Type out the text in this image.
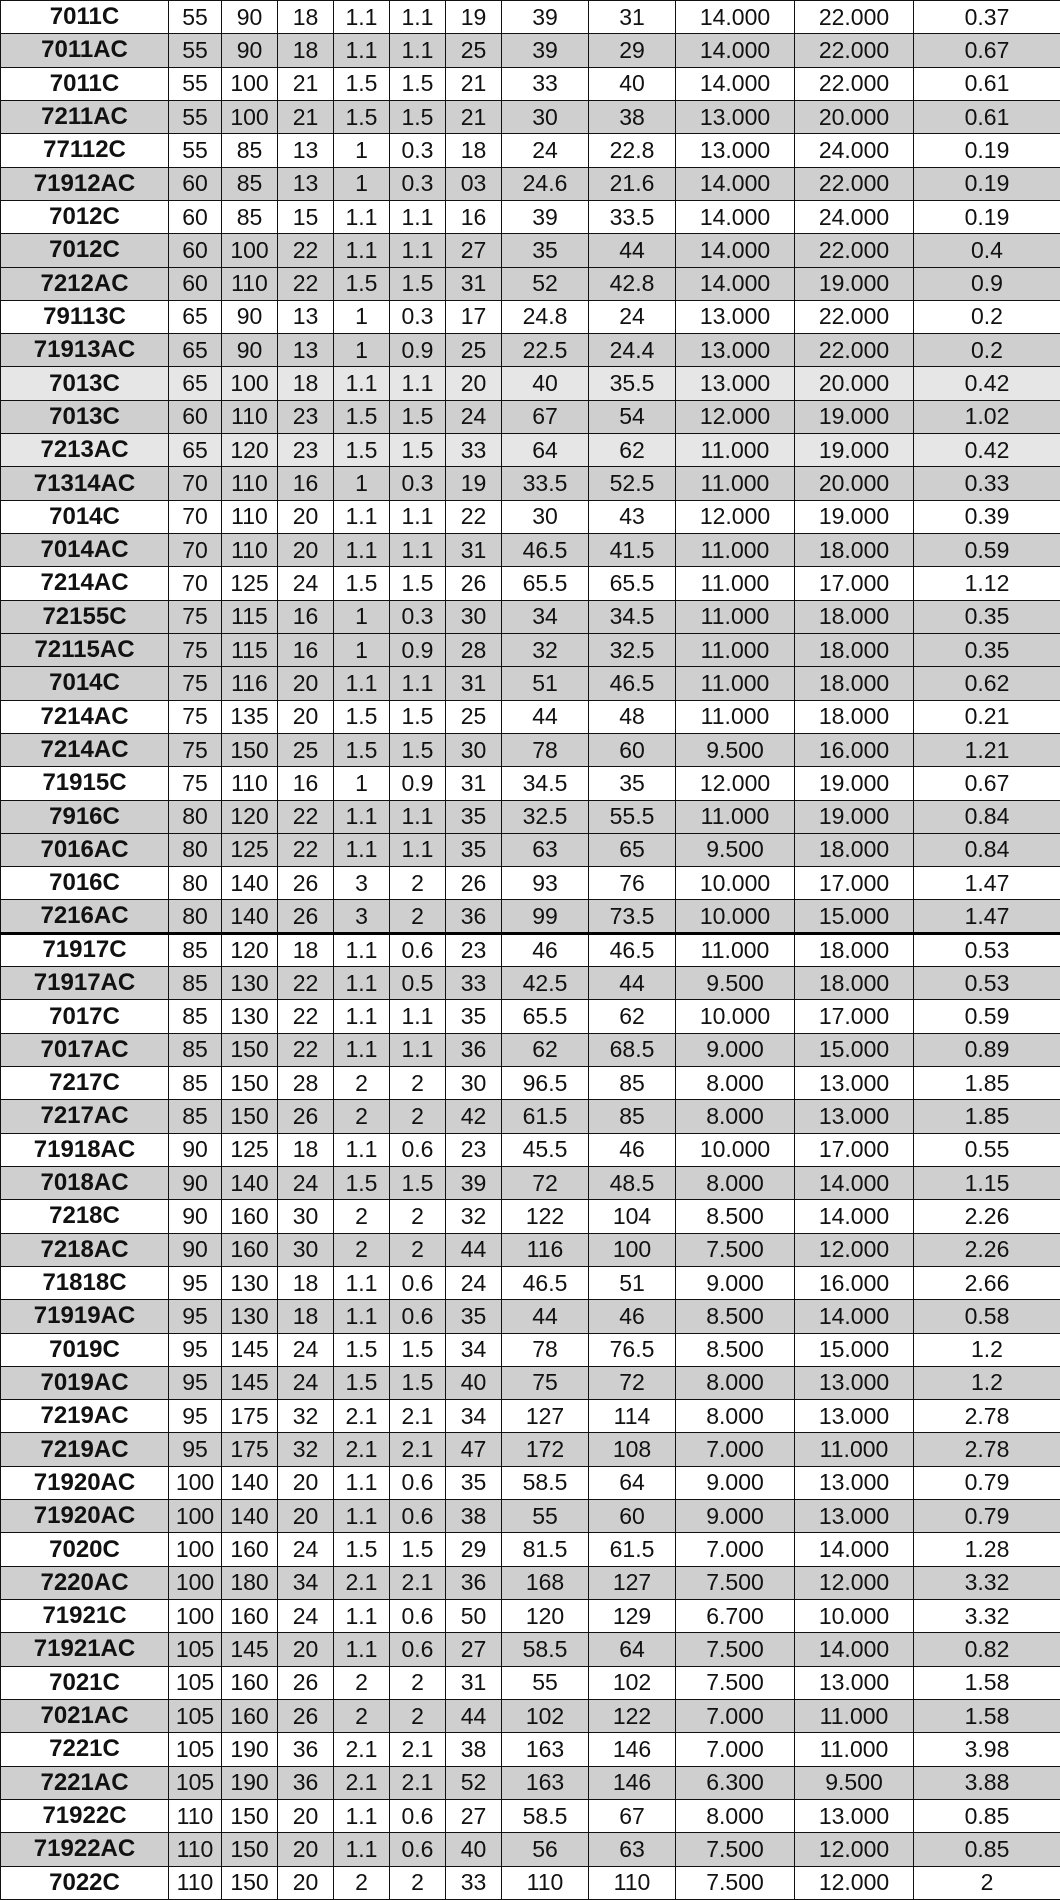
7011C	55	90	18	1.1	1.1	19	39	31	14.000	22.000	0.37
7011AC	55	90	18	1.1	1.1	25	39	29	14.000	22.000	0.67
7011C	55	100	21	1.5	1.5	21	33	40	14.000	22.000	0.61
7211AC	55	100	21	1.5	1.5	21	30	38	13.000	20.000	0.61
77112C	55	85	13	1	0.3	18	24	22.8	13.000	24.000	0.19
71912AC	60	85	13	1	0.3	03	24.6	21.6	14.000	22.000	0.19
7012C	60	85	15	1.1	1.1	16	39	33.5	14.000	24.000	0.19
7012C	60	100	22	1.1	1.1	27	35	44	14.000	22.000	0.4
7212AC	60	110	22	1.5	1.5	31	52	42.8	14.000	19.000	0.9
79113C	65	90	13	1	0.3	17	24.8	24	13.000	22.000	0.2
71913AC	65	90	13	1	0.9	25	22.5	24.4	13.000	22.000	0.2
7013C	65	100	18	1.1	1.1	20	40	35.5	13.000	20.000	0.42
7013C	60	110	23	1.5	1.5	24	67	54	12.000	19.000	1.02
7213AC	65	120	23	1.5	1.5	33	64	62	11.000	19.000	0.42
71314AC	70	110	16	1	0.3	19	33.5	52.5	11.000	20.000	0.33
7014C	70	110	20	1.1	1.1	22	30	43	12.000	19.000	0.39
7014AC	70	110	20	1.1	1.1	31	46.5	41.5	11.000	18.000	0.59
7214AC	70	125	24	1.5	1.5	26	65.5	65.5	11.000	17.000	1.12
72155C	75	115	16	1	0.3	30	34	34.5	11.000	18.000	0.35
72115AC	75	115	16	1	0.9	28	32	32.5	11.000	18.000	0.35
7014C	75	116	20	1.1	1.1	31	51	46.5	11.000	18.000	0.62
7214AC	75	135	20	1.5	1.5	25	44	48	11.000	18.000	0.21
7214AC	75	150	25	1.5	1.5	30	78	60	9.500	16.000	1.21
71915C	75	110	16	1	0.9	31	34.5	35	12.000	19.000	0.67
7916C	80	120	22	1.1	1.1	35	32.5	55.5	11.000	19.000	0.84
7016AC	80	125	22	1.1	1.1	35	63	65	9.500	18.000	0.84
7016C	80	140	26	3	2	26	93	76	10.000	17.000	1.47
7216AC	80	140	26	3	2	36	99	73.5	10.000	15.000	1.47
71917C	85	120	18	1.1	0.6	23	46	46.5	11.000	18.000	0.53
71917AC	85	130	22	1.1	0.5	33	42.5	44	9.500	18.000	0.53
7017C	85	130	22	1.1	1.1	35	65.5	62	10.000	17.000	0.59
7017AC	85	150	22	1.1	1.1	36	62	68.5	9.000	15.000	0.89
7217C	85	150	28	2	2	30	96.5	85	8.000	13.000	1.85
7217AC	85	150	26	2	2	42	61.5	85	8.000	13.000	1.85
71918AC	90	125	18	1.1	0.6	23	45.5	46	10.000	17.000	0.55
7018AC	90	140	24	1.5	1.5	39	72	48.5	8.000	14.000	1.15
7218C	90	160	30	2	2	32	122	104	8.500	14.000	2.26
7218AC	90	160	30	2	2	44	116	100	7.500	12.000	2.26
71818C	95	130	18	1.1	0.6	24	46.5	51	9.000	16.000	2.66
71919AC	95	130	18	1.1	0.6	35	44	46	8.500	14.000	0.58
7019C	95	145	24	1.5	1.5	34	78	76.5	8.500	15.000	1.2
7019AC	95	145	24	1.5	1.5	40	75	72	8.000	13.000	1.2
7219AC	95	175	32	2.1	2.1	34	127	114	8.000	13.000	2.78
7219AC	95	175	32	2.1	2.1	47	172	108	7.000	11.000	2.78
71920AC	100	140	20	1.1	0.6	35	58.5	64	9.000	13.000	0.79
71920AC	100	140	20	1.1	0.6	38	55	60	9.000	13.000	0.79
7020C	100	160	24	1.5	1.5	29	81.5	61.5	7.000	14.000	1.28
7220AC	100	180	34	2.1	2.1	36	168	127	7.500	12.000	3.32
71921C	100	160	24	1.1	0.6	50	120	129	6.700	10.000	3.32
71921AC	105	145	20	1.1	0.6	27	58.5	64	7.500	14.000	0.82
7021C	105	160	26	2	2	31	55	102	7.500	13.000	1.58
7021AC	105	160	26	2	2	44	102	122	7.000	11.000	1.58
7221C	105	190	36	2.1	2.1	38	163	146	7.000	11.000	3.98
7221AC	105	190	36	2.1	2.1	52	163	146	6.300	9.500	3.88
71922C	110	150	20	1.1	0.6	27	58.5	67	8.000	13.000	0.85
71922AC	110	150	20	1.1	0.6	40	56	63	7.500	12.000	0.85
7022C	110	150	20	2	2	33	110	110	7.500	12.000	2
